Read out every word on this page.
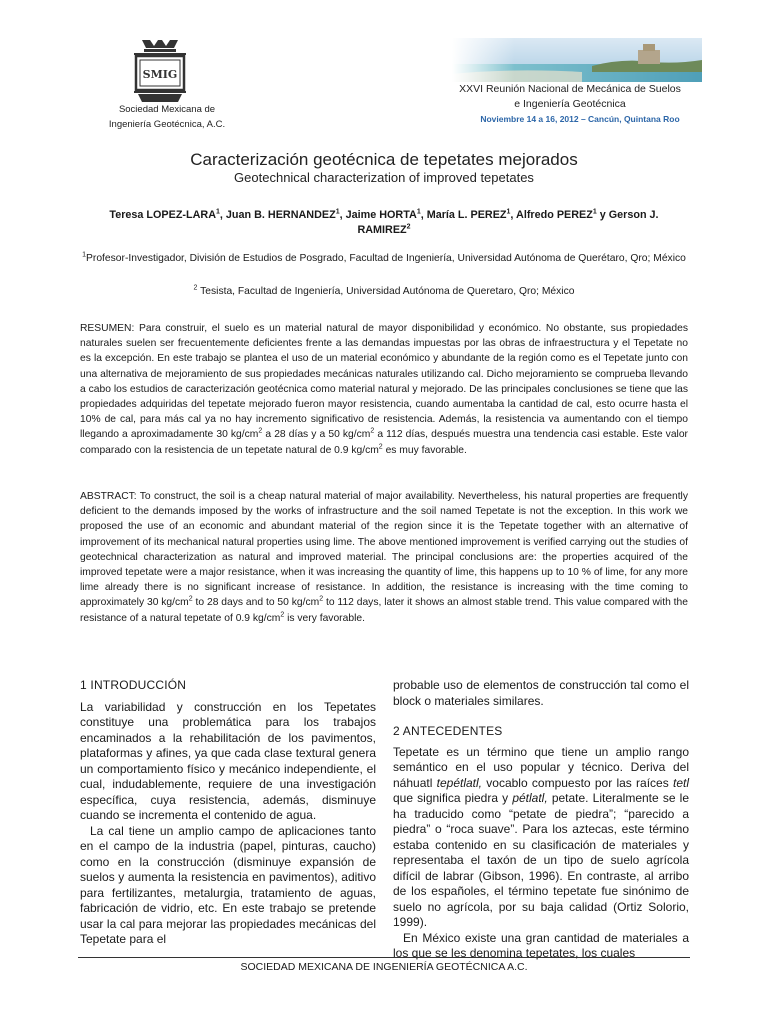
SMIG
Sociedad Mexicana de
Ingeniería Geotécnica, A.C.
XXVI Reunión Nacional de Mecánica de Suelos
e Ingeniería Geotécnica
Noviembre 14 a 16, 2012 – Cancún, Quintana Roo
Caracterización geotécnica de tepetates mejorados
Geotechnical characterization of improved tepetates
Teresa LOPEZ-LARA$^1$, Juan B. HERNANDEZ$^1$, Jaime HORTA$^1$, María L. PEREZ$^1$, Alfredo PEREZ$^1$ y Gerson J. RAMIREZ$^2$
$^1$Profesor-Investigador, División de Estudios de Posgrado, Facultad de Ingeniería, Universidad Autónoma de Querétaro, Qro; México
$^2$ Tesista, Facultad de Ingeniería, Universidad Autónoma de Queretaro, Qro; México

RESUMEN: Para construir, el suelo es un material natural de mayor disponibilidad y económico. No obstante, sus propiedades naturales suelen ser frecuentemente deficientes frente a las demandas impuestas por las obras de infraestructura y el Tepetate no es la excepción. En este trabajo se plantea el uso de un material económico y abundante de la región como es el Tepetate junto con una alternativa de mejoramiento de sus propiedades mecánicas naturales utilizando cal. Dicho mejoramiento se comprueba llevando a cabo los estudios de caracterización geotécnica como material natural y mejorado. De las principales conclusiones se tiene que las propiedades adquiridas del tepetate mejorado fueron mayor resistencia, cuando aumentaba la cantidad de cal, esto ocurre hasta el 10% de cal, para más cal ya no hay incremento significativo de resistencia. Además, la resistencia va aumentando con el tiempo llegando a aproximadamente 30 $kg/cm^2$ a 28 días y a 50 $kg/cm^2$ a 112 días, después muestra una tendencia casi estable. Este valor comparado con la resistencia de un tepetate natural de 0.9 $kg/cm^2$ es muy favorable.

ABSTRACT: To construct, the soil is a cheap natural material of major availability. Nevertheless, his natural properties are frequently deficient to the demands imposed by the works of infrastructure and the soil named Tepetate is not the exception. In this work we proposed the use of an economic and abundant material of the region since it is the Tepetate together with an alternative of improvement of its mechanical natural properties using lime. The above mentioned improvement is verified carrying out the studies of geotechnical characterization as natural and improved material. The principal conclusions are: the properties acquired of the improved tepetate were a major resistance, when it was increasing the quantity of lime, this happens up to 10 % of lime, for any more lime already there is no significant increase of resistance. In addition, the resistance is increasing with the time coming to approximately 30 $kg/cm^2$ to 28 days and to 50 $kg/cm^2$ to 112 days, later it shows an almost stable trend. This value compared with the resistance of a natural tepetate of 0.9 $kg/cm^2$ is very favorable.

1 INTRODUCCIÓN

La variabilidad y construcción en los Tepetates constituye una problemática para los trabajos encaminados a la rehabilitación de los pavimentos, plataformas y afines, ya que cada clase textural genera un comportamiento físico y mecánico independiente, el cual, indudablemente, requiere de una investigación específica, cuya resistencia, además, disminuye cuando se incrementa el contenido de agua.

La cal tiene un amplio campo de aplicaciones tanto en el campo de la industria (papel, pinturas, caucho) como en la construcción (disminuye expansión de suelos y aumenta la resistencia en pavimentos), aditivo para fertilizantes, metalurgia, tratamiento de aguas, fabricación de vidrio, etc. En este trabajo se pretende usar la cal para mejorar las propiedades mecánicas del Tepetate para el

probable uso de elementos de construcción tal como el block o materiales similares.

2 ANTECEDENTES

Tepetate es un término que tiene un amplio rango semántico en el uso popular y técnico. Deriva del náhuatl tepétlatl, vocablo compuesto por las raíces tetl que significa piedra y pétlatl, petate. Literalmente se le ha traducido como “petate de piedra”; “parecido a piedra” o “roca suave”. Para los aztecas, este término estaba contenido en su clasificación de materiales y representaba el taxón de un tipo de suelo agrícola difícil de labrar (Gibson, 1996). En contraste, al arribo de los españoles, el término tepetate fue sinónimo de suelo no agrícola, por su baja calidad (Ortiz Solorio, 1999).

En México existe una gran cantidad de materiales a los que se les denomina tepetates, los cuales

SOCIEDAD MEXICANA DE INGENIERÍA GEOTÉCNICA A.C.
